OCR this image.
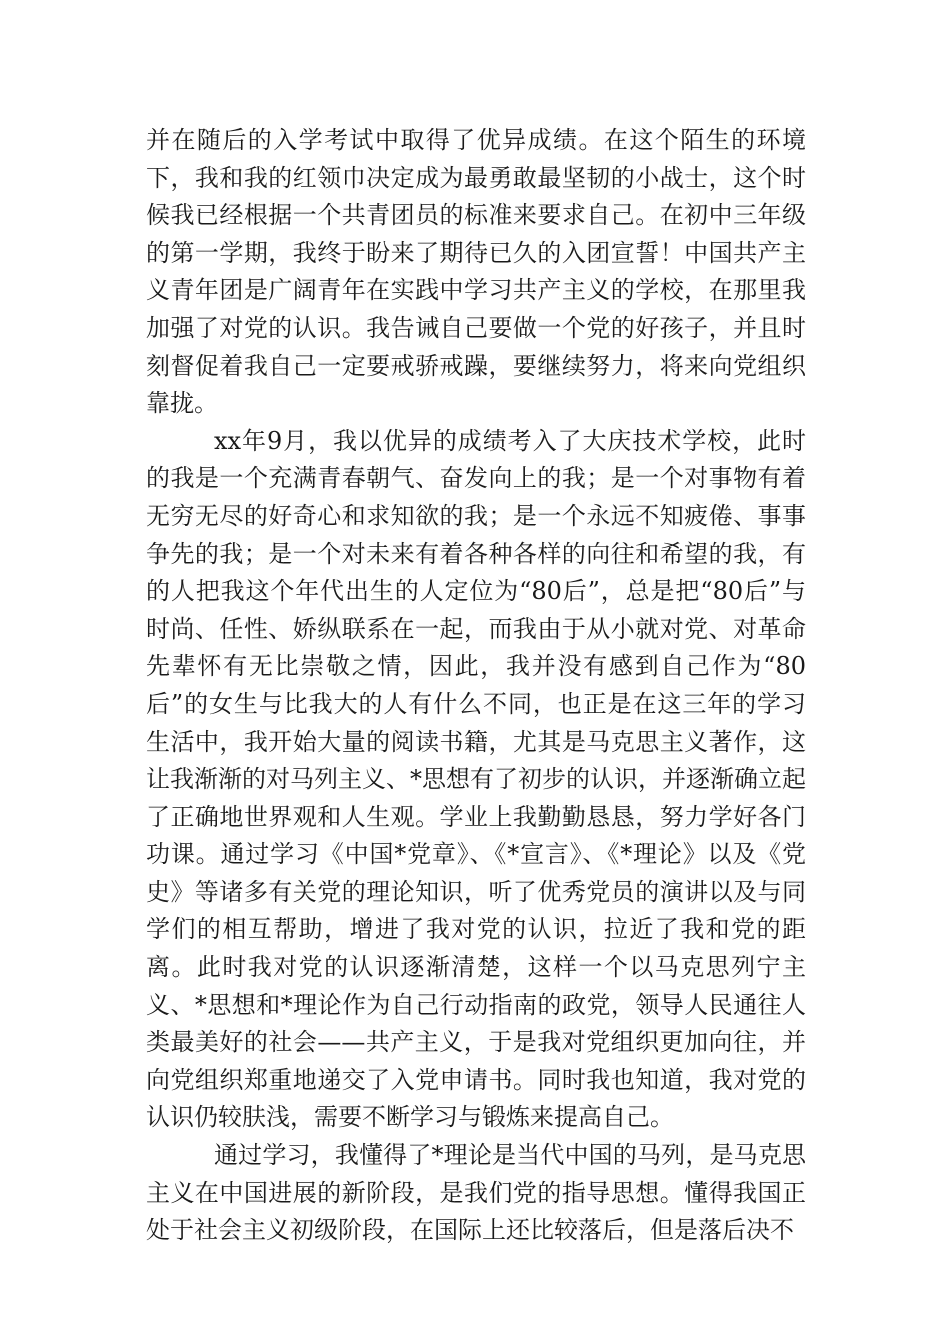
并在随后的入学考试中取得了优异成绩。在这个陌生的环境下，我和我的红领巾决定成为最勇敢最坚韧的小战士，这个时候我已经根据一个共青团员的标准来要求自己。在初中三年级的第一学期，我终于盼来了期待已久的入团宣誓！中国共产主义青年团是广阔青年在实践中学习共产主义的学校，在那里我加强了对党的认识。我告诫自己要做一个党的好孩子，并且时刻督促着我自己一定要戒骄戒躁，要继续努力，将来向党组织靠拢。

xx年9月，我以优异的成绩考入了大庆技术学校，此时的我是一个充满青春朝气、奋发向上的我；是一个对事物有着无穷无尽的好奇心和求知欲的我；是一个永远不知疲倦、事事争先的我；是一个对未来有着各种各样的向往和希望的我，有的人把我这个年代出生的人定位为“80后”，总是把“80后”与时尚、任性、娇纵联系在一起，而我由于从小就对党、对革命先辈怀有无比崇敬之情，因此，我并没有感到自己作为“80后”的女生与比我大的人有什么不同，也正是在这三年的学习生活中，我开始大量的阅读书籍，尤其是马克思主义著作，这让我渐渐的对马列主义、*思想有了初步的认识，并逐渐确立起了正确地世界观和人生观。学业上我勤勤恳恳，努力学好各门功课。通过学习《中国*党章》、《*宣言》、《*理论》以及《党史》等诸多有关党的理论知识，听了优秀党员的演讲以及与同学们的相互帮助，增进了我对党的认识，拉近了我和党的距离。此时我对党的认识逐渐清楚，这样一个以马克思列宁主义、*思想和*理论作为自己行动指南的政党，领导人民通往人类最美好的社会——共产主义，于是我对党组织更加向往，并向党组织郑重地递交了入党申请书。同时我也知道，我对党的认识仍较肤浅，需要不断学习与锻炼来提高自己。

通过学习，我懂得了*理论是当代中国的马列，是马克思主义在中国进展的新阶段，是我们党的指导思想。懂得我国正处于社会主义初级阶段，在国际上还比较落后，但是落后决不
